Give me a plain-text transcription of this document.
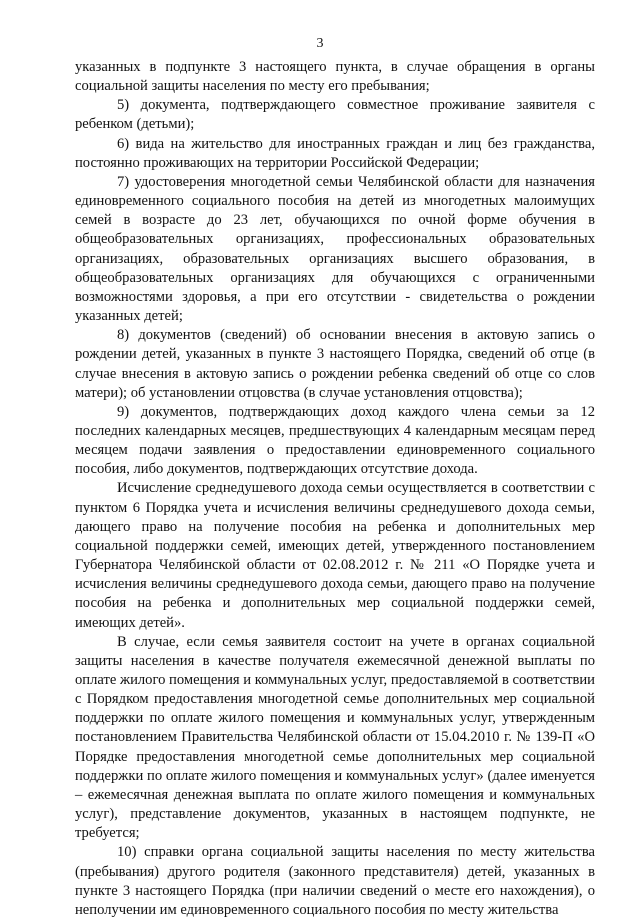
3

указанных в подпункте 3 настоящего пункта, в случае обращения в органы социальной защиты населения по месту его пребывания;

5) документа, подтверждающего совместное проживание заявителя с ребенком (детьми);

6) вида на жительство для иностранных граждан и лиц без гражданства, постоянно проживающих на территории Российской Федерации;

7) удостоверения многодетной семьи Челябинской области для назначения единовременного социального пособия на детей из многодетных малоимущих семей в возрасте до 23 лет, обучающихся по очной форме обучения в общеобразовательных организациях, профессиональных образовательных организациях, образовательных организациях высшего образования, в общеобразовательных организациях для обучающихся с ограниченными возможностями здоровья, а при его отсутствии - свидетельства о рождении указанных детей;

8) документов (сведений) об основании внесения в актовую запись о рождении детей, указанных в пункте 3 настоящего Порядка, сведений об отце (в случае внесения в актовую запись о рождении ребенка сведений об отце со слов матери); об установлении отцовства (в случае установления отцовства);

9) документов, подтверждающих доход каждого члена семьи за 12 последних календарных месяцев, предшествующих 4 календарным месяцам перед месяцем подачи заявления о предоставлении единовременного социального пособия, либо документов, подтверждающих отсутствие дохода.

Исчисление среднедушевого дохода семьи осуществляется в соответствии с пунктом 6 Порядка учета и исчисления величины среднедушевого дохода семьи, дающего право на получение пособия на ребенка и дополнительных мер социальной поддержки семей, имеющих детей, утвержденного постановлением Губернатора Челябинской области от 02.08.2012 г. № 211 «О Порядке учета и исчисления величины среднедушевого дохода семьи, дающего право на получение пособия на ребенка и дополнительных мер социальной поддержки семей, имеющих детей».

В случае, если семья заявителя состоит на учете в органах социальной защиты населения в качестве получателя ежемесячной денежной выплаты по оплате жилого помещения и коммунальных услуг, предоставляемой в соответствии с Порядком предоставления многодетной семье дополнительных мер социальной поддержки по оплате жилого помещения и коммунальных услуг, утвержденным постановлением Правительства Челябинской области от 15.04.2010 г. № 139-П «О Порядке предоставления многодетной семье дополнительных мер социальной поддержки по оплате жилого помещения и коммунальных услуг» (далее именуется – ежемесячная денежная выплата по оплате жилого помещения и коммунальных услуг), представление документов, указанных в настоящем подпункте, не требуется;

10) справки органа социальной защиты населения по месту жительства (пребывания) другого родителя (законного представителя) детей, указанных в пункте 3 настоящего Порядка (при наличии сведений о месте его нахождения), о неполучении им единовременного социального пособия по месту жительства
